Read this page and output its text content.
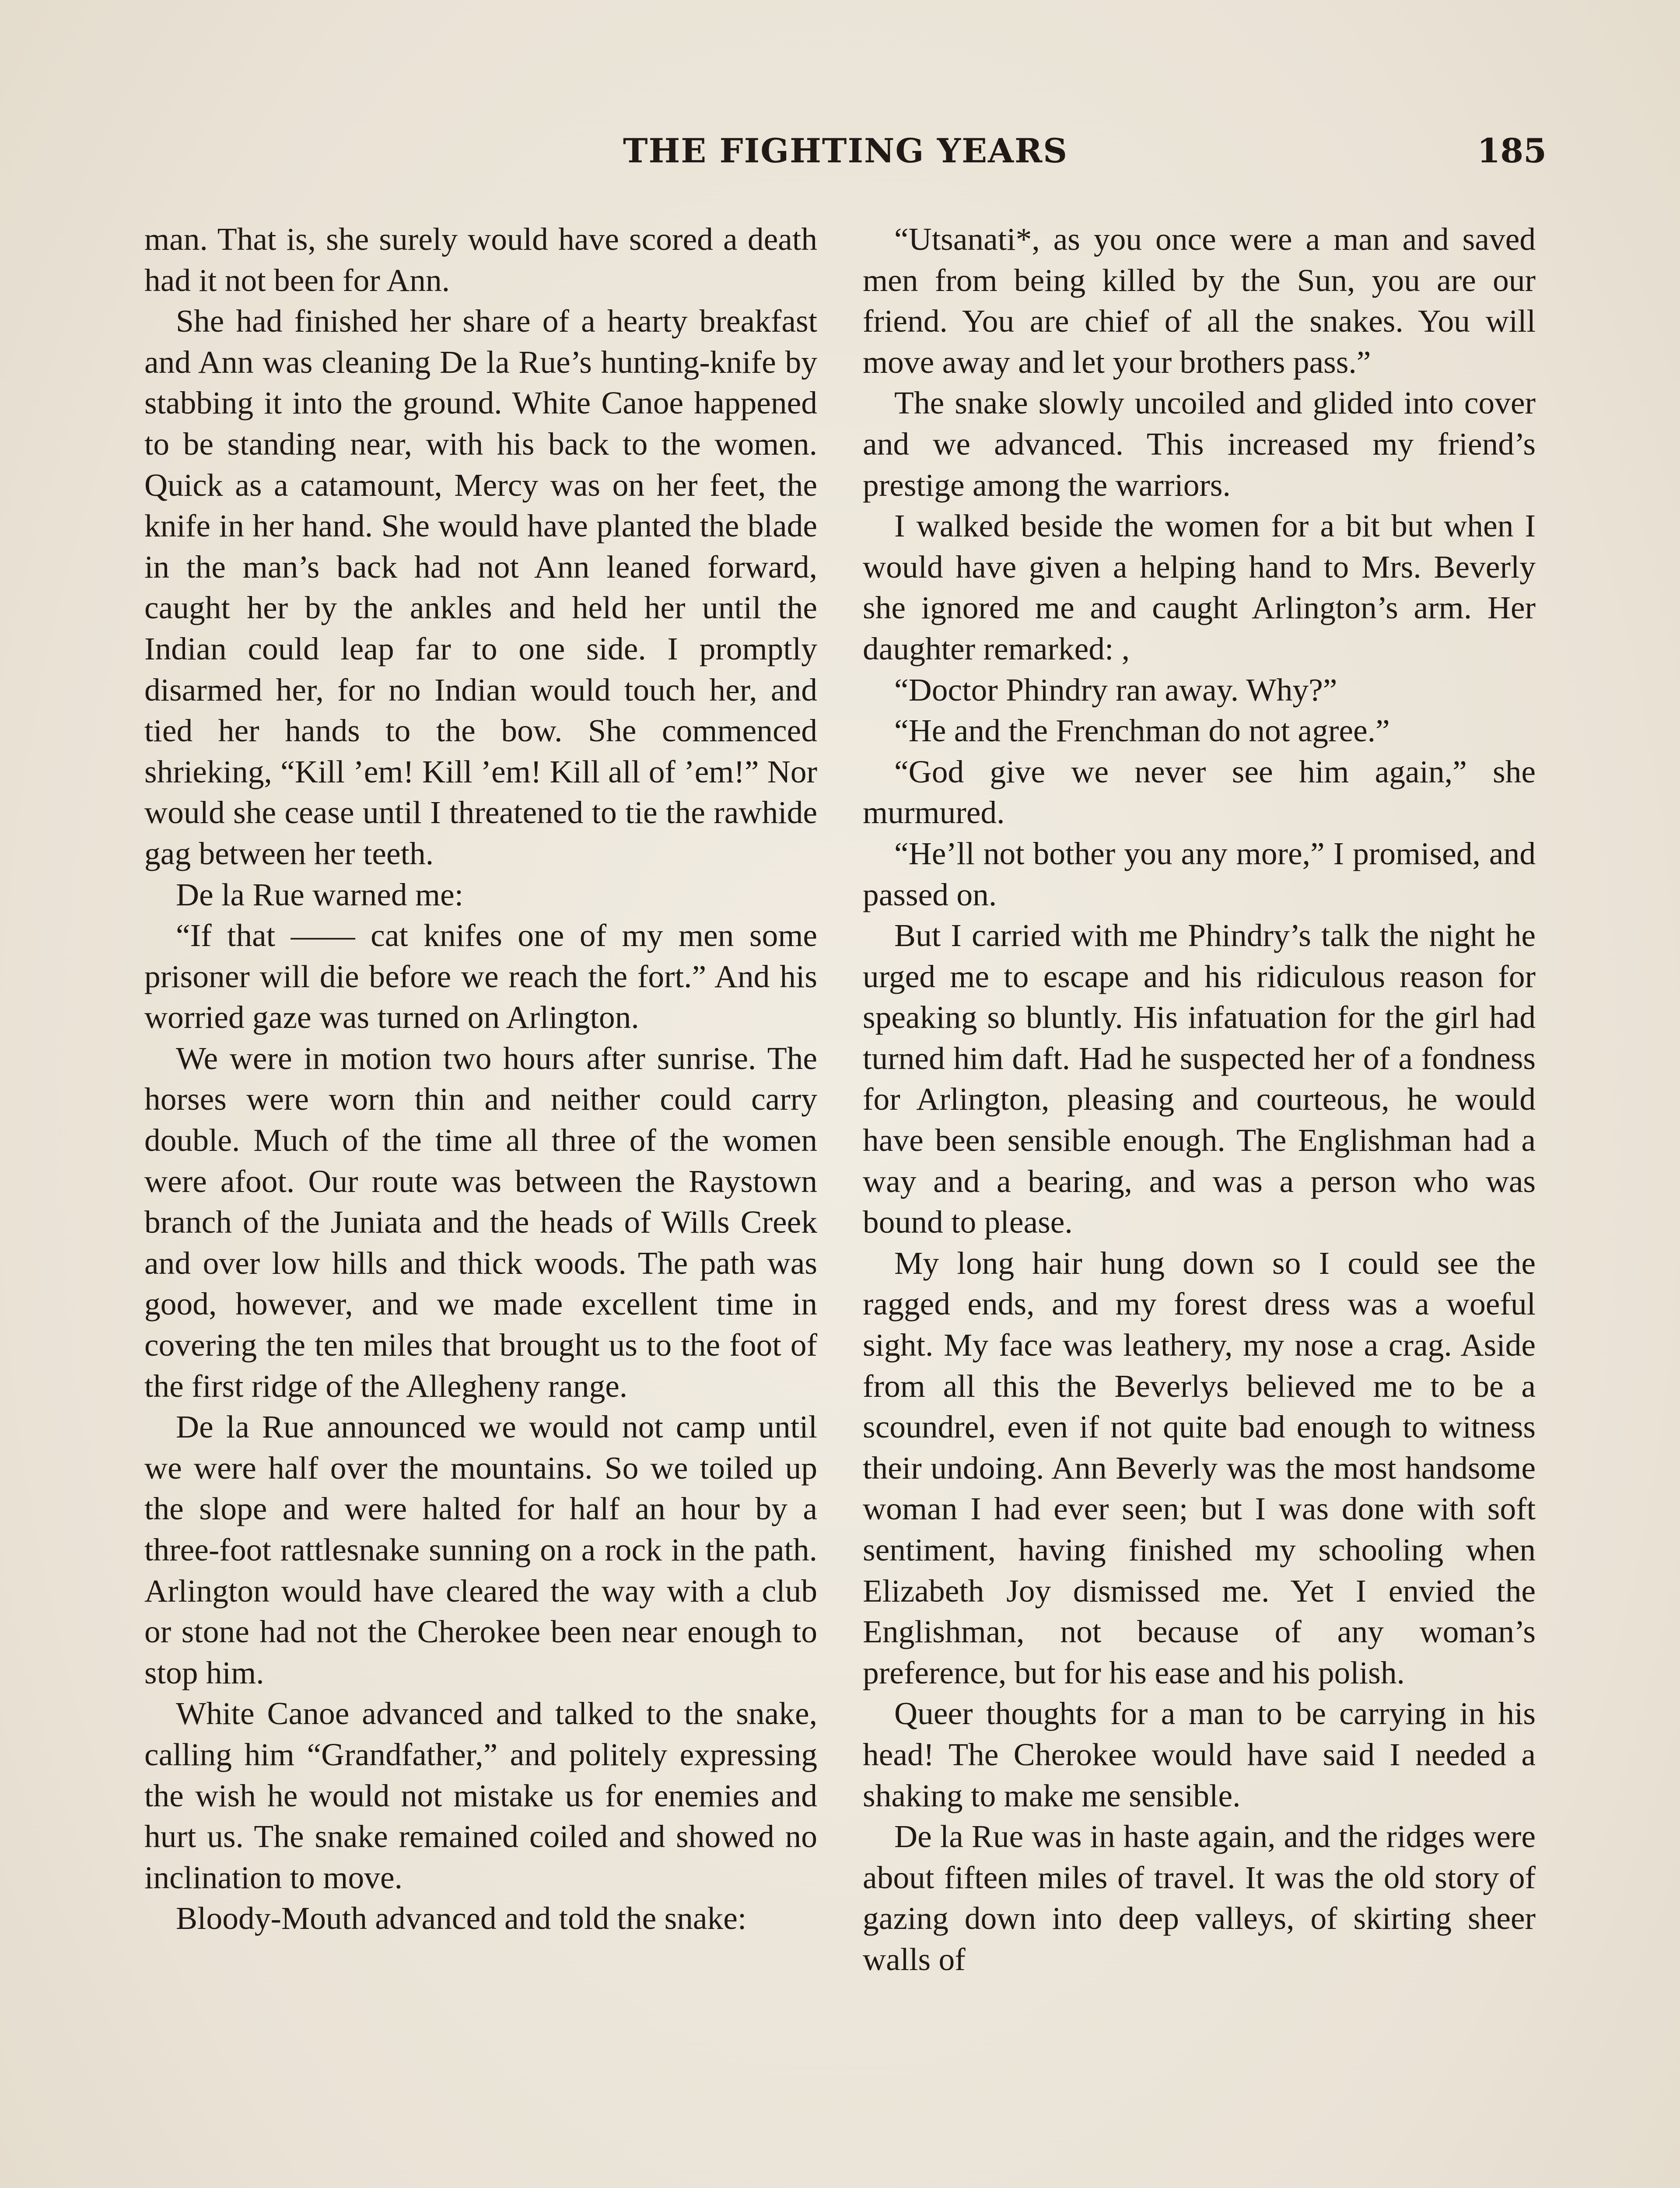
THE FIGHTING YEARS	185

man. That is, she surely would have scored a death had it not been for Ann.

She had finished her share of a hearty breakfast and Ann was cleaning De la Rue’s hunting-knife by stabbing it into the ground. White Canoe happened to be standing near, with his back to the women. Quick as a catamount, Mercy was on her feet, the knife in her hand. She would have planted the blade in the man’s back had not Ann leaned forward, caught her by the ankles and held her until the Indian could leap far to one side. I promptly disarmed her, for no Indian would touch her, and tied her hands to the bow. She commenced shrieking, “Kill ’em! Kill ’em! Kill all of ’em!” Nor would she cease until I threatened to tie the rawhide gag between her teeth.

De la Rue warned me:

“If that —— cat knifes one of my men some prisoner will die before we reach the fort.” And his worried gaze was turned on Arlington.

We were in motion two hours after sunrise. The horses were worn thin and neither could carry double. Much of the time all three of the women were afoot. Our route was between the Raystown branch of the Juniata and the heads of Wills Creek and over low hills and thick woods. The path was good, however, and we made excellent time in covering the ten miles that brought us to the foot of the first ridge of the Allegheny range.

De la Rue announced we would not camp until we were half over the mountains. So we toiled up the slope and were halted for half an hour by a three-foot rattlesnake sunning on a rock in the path. Arlington would have cleared the way with a club or stone had not the Cherokee been near enough to stop him.

White Canoe advanced and talked to the snake, calling him “Grandfather,” and politely expressing the wish he would not mistake us for enemies and hurt us. The snake remained coiled and showed no inclination to move.

Bloody-Mouth advanced and told the snake:

“Utsanati*, as you once were a man and saved men from being killed by the Sun, you are our friend. You are chief of all the snakes. You will move away and let your brothers pass.”

The snake slowly uncoiled and glided into cover and we advanced. This increased my friend’s prestige among the warriors.

I walked beside the women for a bit but when I would have given a helping hand to Mrs. Beverly she ignored me and caught Arlington’s arm. Her daughter remarked: ,

“Doctor Phindry ran away. Why?”

“He and the Frenchman do not agree.”

“God give we never see him again,” she murmured.

“He’ll not bother you any more,” I promised, and passed on.

But I carried with me Phindry’s talk the night he urged me to escape and his ridiculous reason for speaking so bluntly. His infatuation for the girl had turned him daft. Had he suspected her of a fondness for Arlington, pleasing and courteous, he would have been sensible enough. The Englishman had a way and a bearing, and was a person who was bound to please.

My long hair hung down so I could see the ragged ends, and my forest dress was a woeful sight. My face was leathery, my nose a crag. Aside from all this the Beverlys believed me to be a scoundrel, even if not quite bad enough to witness their undoing. Ann Beverly was the most handsome woman I had ever seen; but I was done with soft sentiment, having finished my schooling when Elizabeth Joy dismissed me. Yet I envied the Englishman, not because of any woman’s preference, but for his ease and his polish.

Queer thoughts for a man to be carrying in his head! The Cherokee would have said I needed a shaking to make me sensible.

De la Rue was in haste again, and the ridges were about fifteen miles of travel. It was the old story of gazing down into deep valleys, of skirting sheer walls of
